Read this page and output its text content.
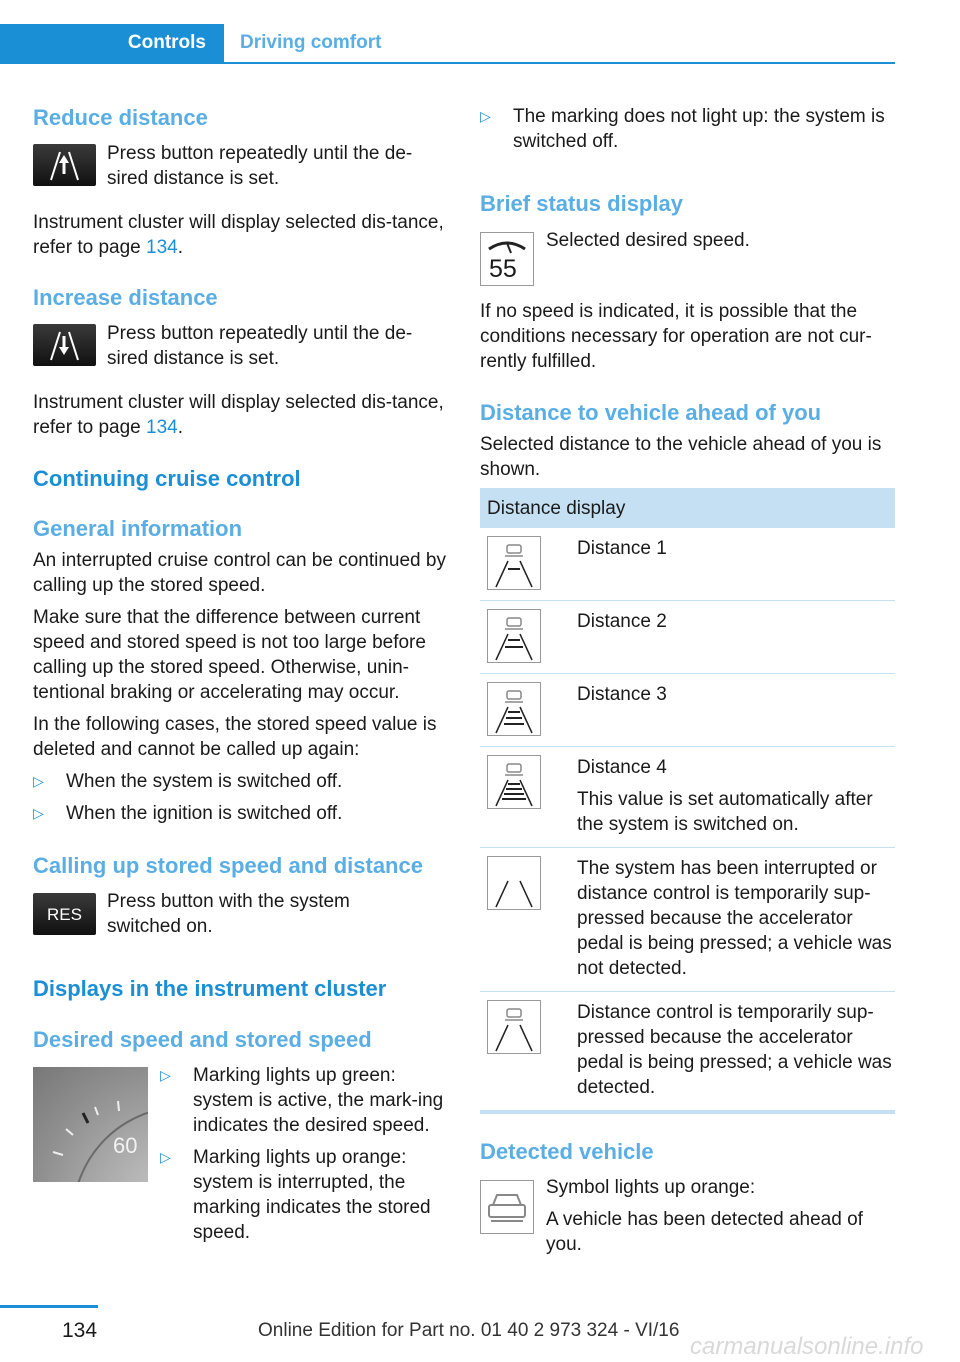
Controls	Driving comfort
Reduce distance

Press button repeatedly until the de-sired distance is set.

Instrument cluster will display selected dis-tance, refer to page 134.

Increase distance

Press button repeatedly until the de-sired distance is set.

Instrument cluster will display selected dis-tance, refer to page 134.

Continuing cruise control
General information

An interrupted cruise control can be continued by calling up the stored speed.

Make sure that the difference between current speed and stored speed is not too large before calling up the stored speed. Otherwise, unin-tentional braking or accelerating may occur.

In the following cases, the stored speed value is deleted and cannot be called up again:

▷ When the system is switched off.
▷ When the ignition is switched off.
Calling up stored speed and distance
RES

Press button with the system switched on.

Displays in the instrument cluster
Desired speed and stored speed
60
▷ Marking lights up green: system is active, the mark-ing indicates the desired speed.
▷ Marking lights up orange: system is interrupted, the marking indicates the stored speed.
▷ The marking does not light up: the system is switched off.
Brief status display
55

Selected desired speed.

If no speed is indicated, it is possible that the conditions necessary for operation are not cur-rently fulfilled.

Distance to vehicle ahead of you

Selected distance to the vehicle ahead of you is shown.

Distance display	

	Distance 1

	Distance 2

	Distance 3

Distance 4

This value is set automatically after the system is switched on.

	The system has been interrupted or distance control is temporarily sup-pressed because the accelerator pedal is being pressed; a vehicle was not detected.

	Distance control is temporarily sup-pressed because the accelerator pedal is being pressed; a vehicle was detected.
Detected vehicle

Symbol lights up orange:

A vehicle has been detected ahead of you.

134	Online Edition for Part no. 01 40 2 973 324 - VI/16
carmanualsonline.info
